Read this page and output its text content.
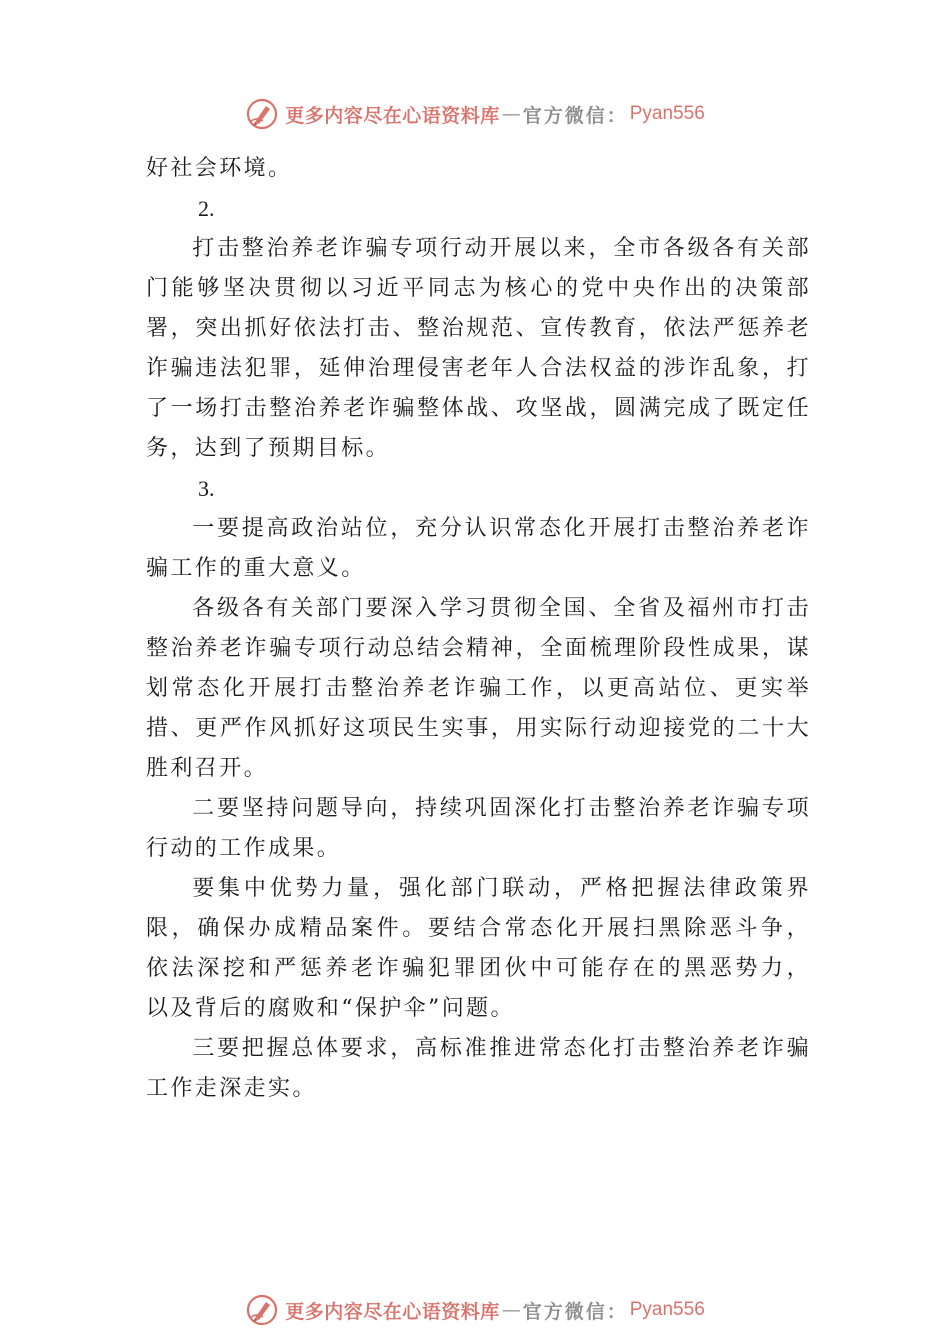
更多内容尽在心语资料库 — 官方微信： Pyan556

好社会环境。

2.

打击整治养老诈骗专项行动开展以来，全市各级各有关部门能够坚决贯彻以习近平同志为核心的党中央作出的决策部署，突出抓好依法打击、整治规范、宣传教育，依法严惩养老诈骗违法犯罪，延伸治理侵害老年人合法权益的涉诈乱象，打了一场打击整治养老诈骗整体战、攻坚战，圆满完成了既定任务，达到了预期目标。

3.

一要提高政治站位，充分认识常态化开展打击整治养老诈骗工作的重大意义。

各级各有关部门要深入学习贯彻全国、全省及福州市打击整治养老诈骗专项行动总结会精神，全面梳理阶段性成果，谋划常态化开展打击整治养老诈骗工作，以更高站位、更实举措、更严作风抓好这项民生实事，用实际行动迎接党的二十大胜利召开。

二要坚持问题导向，持续巩固深化打击整治养老诈骗专项行动的工作成果。

要集中优势力量，强化部门联动，严格把握法律政策界限，确保办成精品案件。要结合常态化开展扫黑除恶斗争， 依法深挖和严惩养老诈骗犯罪团伙中可能存在的黑恶势力， 以及背后的腐败和“保护伞”问题。

三要把握总体要求，高标准推进常态化打击整治养老诈骗工作走深走实。

更多内容尽在心语资料库 — 官方微信： Pyan556
